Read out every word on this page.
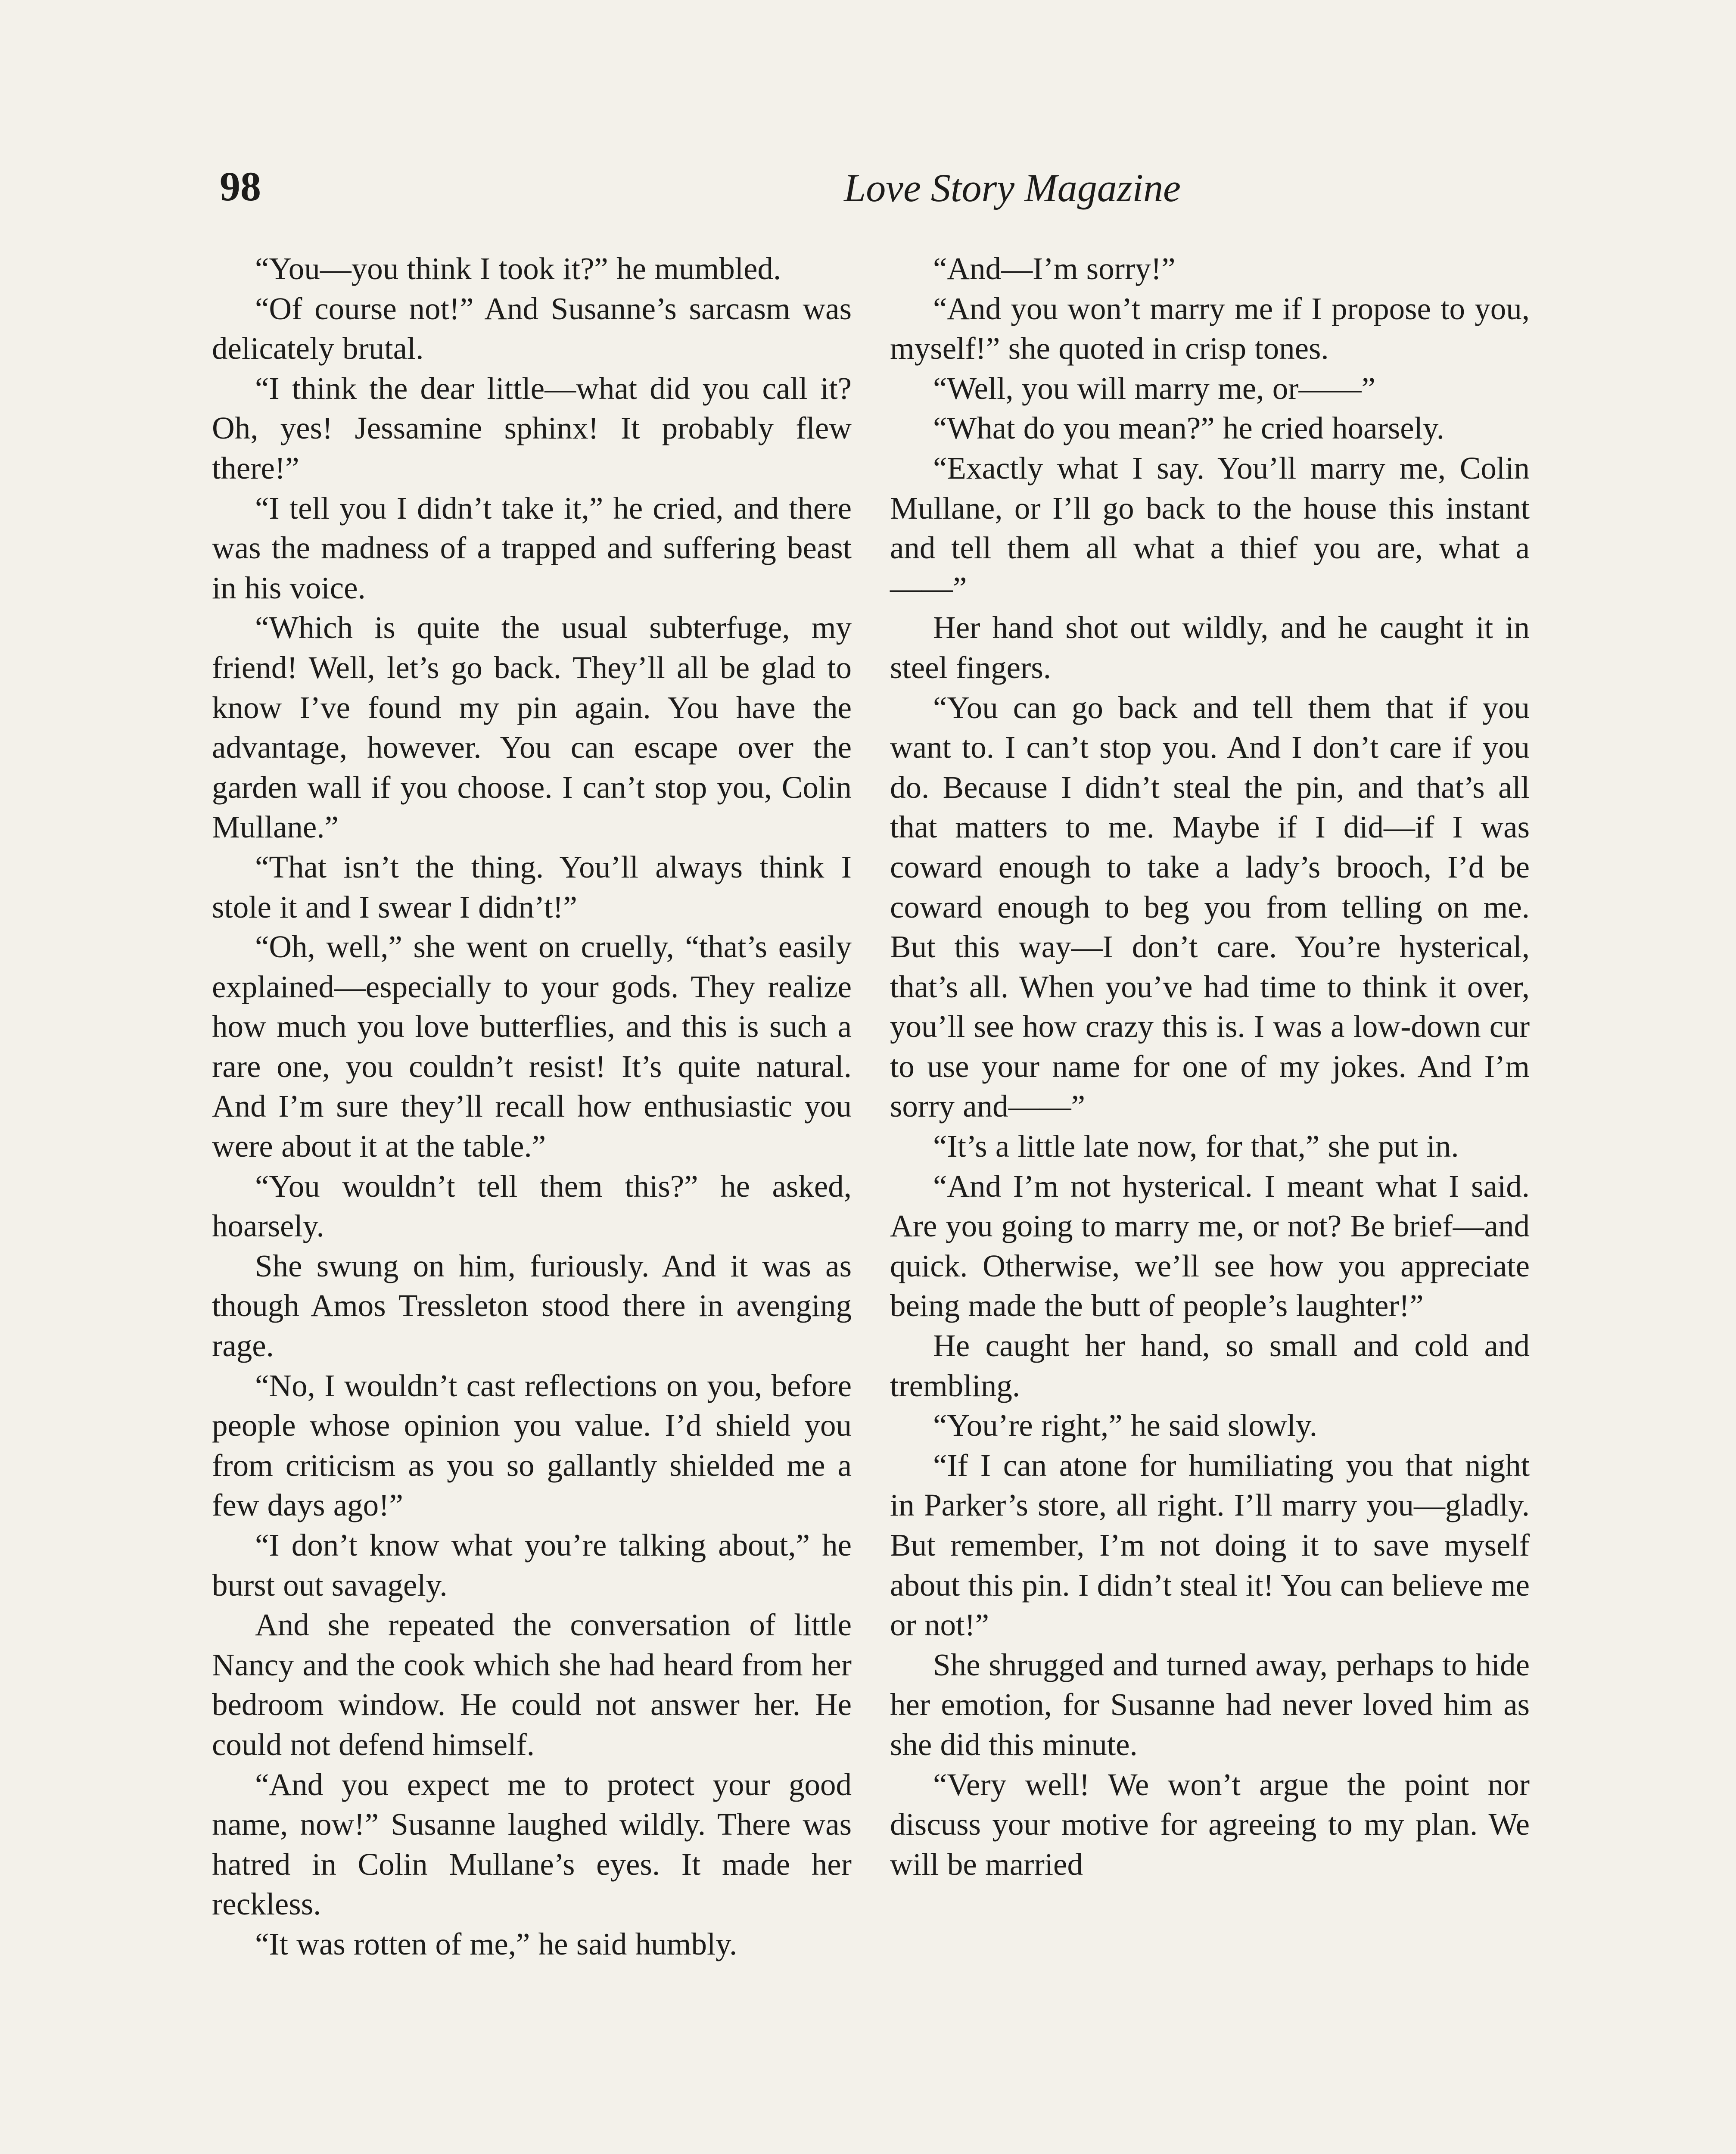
98	Love Story Magazine

“You—you think I took it?” he mumbled.

“Of course not!” And Susanne’s sarcasm was delicately brutal.

“I think the dear little—what did you call it? Oh, yes! Jessamine sphinx! It probably flew there!”

“I tell you I didn’t take it,” he cried, and there was the madness of a trapped and suffering beast in his voice.

“Which is quite the usual subterfuge, my friend! Well, let’s go back. They’ll all be glad to know I’ve found my pin again. You have the advantage, however. You can escape over the garden wall if you choose. I can’t stop you, Colin Mullane.”

“That isn’t the thing. You’ll always think I stole it and I swear I didn’t!”

“Oh, well,” she went on cruelly, “that’s easily explained—especially to your gods. They realize how much you love butterflies, and this is such a rare one, you couldn’t resist! It’s quite natural. And I’m sure they’ll recall how enthusiastic you were about it at the table.”

“You wouldn’t tell them this?” he asked, hoarsely.

She swung on him, furiously. And it was as though Amos Tressleton stood there in avenging rage.

“No, I wouldn’t cast reflections on you, before people whose opinion you value. I’d shield you from criticism as you so gallantly shielded me a few days ago!”

“I don’t know what you’re talking about,” he burst out savagely.

And she repeated the conversation of little Nancy and the cook which she had heard from her bedroom window. He could not answer her. He could not defend himself.

“And you expect me to protect your good name, now!” Susanne laughed wildly. There was hatred in Colin Mullane’s eyes. It made her reckless.

“It was rotten of me,” he said humbly.

“And—I’m sorry!”

“And you won’t marry me if I propose to you, myself!” she quoted in crisp tones.

“Well, you will marry me, or——”

“What do you mean?” he cried hoarsely.

“Exactly what I say. You’ll marry me, Colin Mullane, or I’ll go back to the house this instant and tell them all what a thief you are, what a——”

Her hand shot out wildly, and he caught it in steel fingers.

“You can go back and tell them that if you want to. I can’t stop you. And I don’t care if you do. Because I didn’t steal the pin, and that’s all that matters to me. Maybe if I did—if I was coward enough to take a lady’s brooch, I’d be coward enough to beg you from telling on me. But this way—I don’t care. You’re hysterical, that’s all. When you’ve had time to think it over, you’ll see how crazy this is. I was a low-down cur to use your name for one of my jokes. And I’m sorry and——”

“It’s a little late now, for that,” she put in.

“And I’m not hysterical. I meant what I said. Are you going to marry me, or not? Be brief—and quick. Otherwise, we’ll see how you appreciate being made the butt of people’s laughter!”

He caught her hand, so small and cold and trembling.

“You’re right,” he said slowly.

“If I can atone for humiliating you that night in Parker’s store, all right. I’ll marry you—gladly. But remember, I’m not doing it to save myself about this pin. I didn’t steal it! You can believe me or not!”

She shrugged and turned away, perhaps to hide her emotion, for Susanne had never loved him as she did this minute.

“Very well! We won’t argue the point nor discuss your motive for agreeing to my plan. We will be married
